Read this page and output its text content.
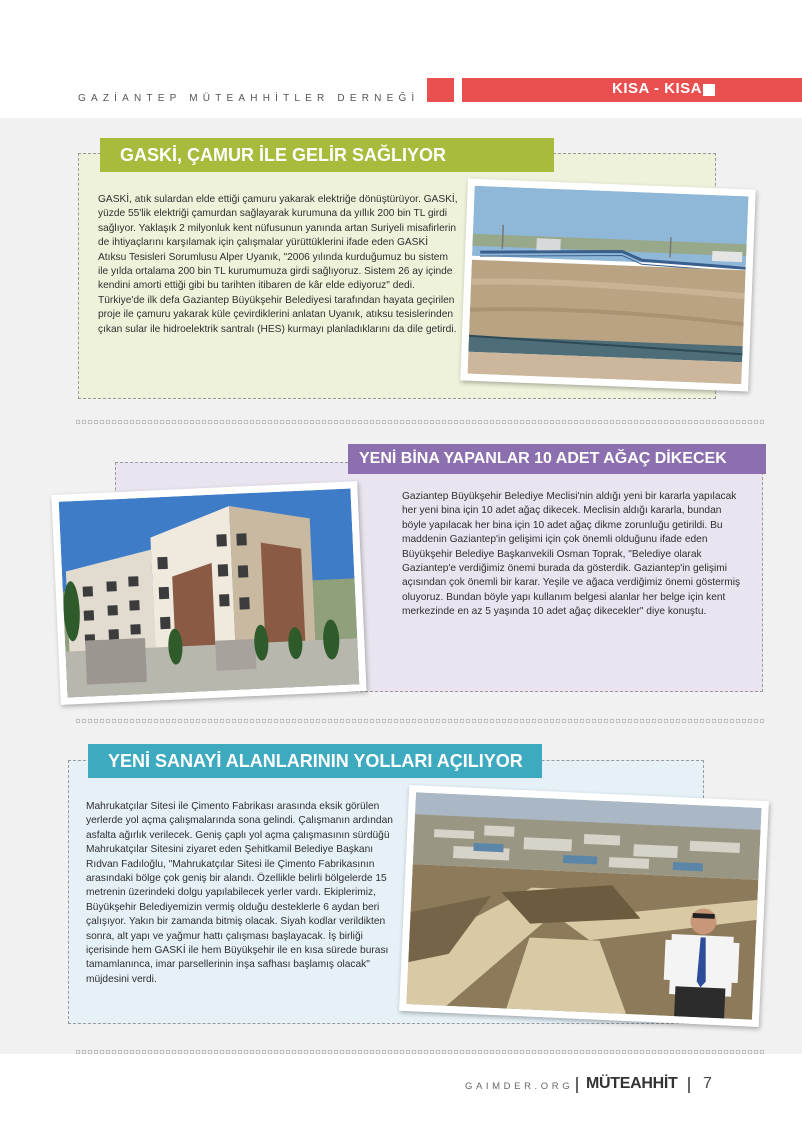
GAZİANTEP MÜTEAHHİTLER DERNEĞİ
KISA - KISA
GASKİ, ÇAMUR İLE GELİR SAĞLIYOR
GASKİ, atık sulardan elde ettiği çamuru yakarak elektriğe dönüştürüyor. GASKİ, yüzde 55'lik elektriği çamurdan sağlayarak kurumuna da yıllık 200 bin TL girdi sağlıyor. Yaklaşık 2 milyonluk kent nüfusunun yanında artan Suriyeli misafirlerin de ihtiyaçlarını karşılamak için çalışmalar yürüttüklerini ifade eden GASKİ Atıksu Tesisleri Sorumlusu Alper Uyanık, "2006 yılında kurduğumuz bu sistem ile yılda ortalama 200 bin TL kurumumuza girdi sağlıyoruz. Sistem 26 ay içinde kendini amorti ettiği gibi bu tarihten itibaren de kâr elde ediyoruz" dedi. Türkiye'de ilk defa Gaziantep Büyükşehir Belediyesi tarafından hayata geçirilen proje ile çamuru yakarak küle çevirdiklerini anlatan Uyanık, atıksu tesislerinden çıkan sular ile hidroelektrik santralı (HES) kurmayı planladıklarını da dile getirdi.
YENİ BİNA YAPANLAR 10 ADET AĞAÇ DİKECEK
Gaziantep Büyükşehir Belediye Meclisi'nin aldığı yeni bir kararla yapılacak her yeni bina için 10 adet ağaç dikecek. Meclisin aldığı kararla, bundan böyle yapılacak her bina için 10 adet ağaç dikme zorunluğu getirildi. Bu maddenin Gaziantep'in gelişimi için çok önemli olduğunu ifade eden Büyükşehir Belediye Başkanvekili Osman Toprak, "Belediye olarak Gaziantep'e verdiğimiz önemi burada da gösterdik. Gaziantep'in gelişimi açısından çok önemli bir karar. Yeşile ve ağaca verdiğimiz önemi göstermiş oluyoruz. Bundan böyle yapı kullanım belgesi alanlar her belge için kent merkezinde en az 5 yaşında 10 adet ağaç dikecekler" diye konuştu.
YENİ SANAYİ ALANLARININ YOLLARI AÇILIYOR
Mahrukatçılar Sitesi ile Çimento Fabrikası arasında eksik görülen yerlerde yol açma çalışmalarında sona gelindi. Çalışmanın ardından asfalta ağırlık verilecek. Geniş çaplı yol açma çalışmasının sürdüğü Mahrukatçılar Sitesini ziyaret eden Şehitkamil Belediye Başkanı Rıdvan Fadıloğlu, "Mahrukatçılar Sitesi ile Çimento Fabrikasının arasındaki bölge çok geniş bir alandı. Özellikle belirli bölgelerde 15 metrenin üzerindeki dolgu yapılabilecek yerler vardı. Ekiplerimiz, Büyükşehir Belediyemizin vermiş olduğu desteklerle 6 aydan beri çalışıyor. Yakın bir zamanda bitmiş olacak. Siyah kodlar verildikten sonra, alt yapı ve yağmur hattı çalışması başlayacak. İş birliği içerisinde hem GASKİ ile hem Büyükşehir ile en kısa sürede burası tamamlanınca, imar parsellerinin inşa safhası başlamış olacak" müjdesini verdi.
GAIMDER.ORG MÜTEAHHİT 7
